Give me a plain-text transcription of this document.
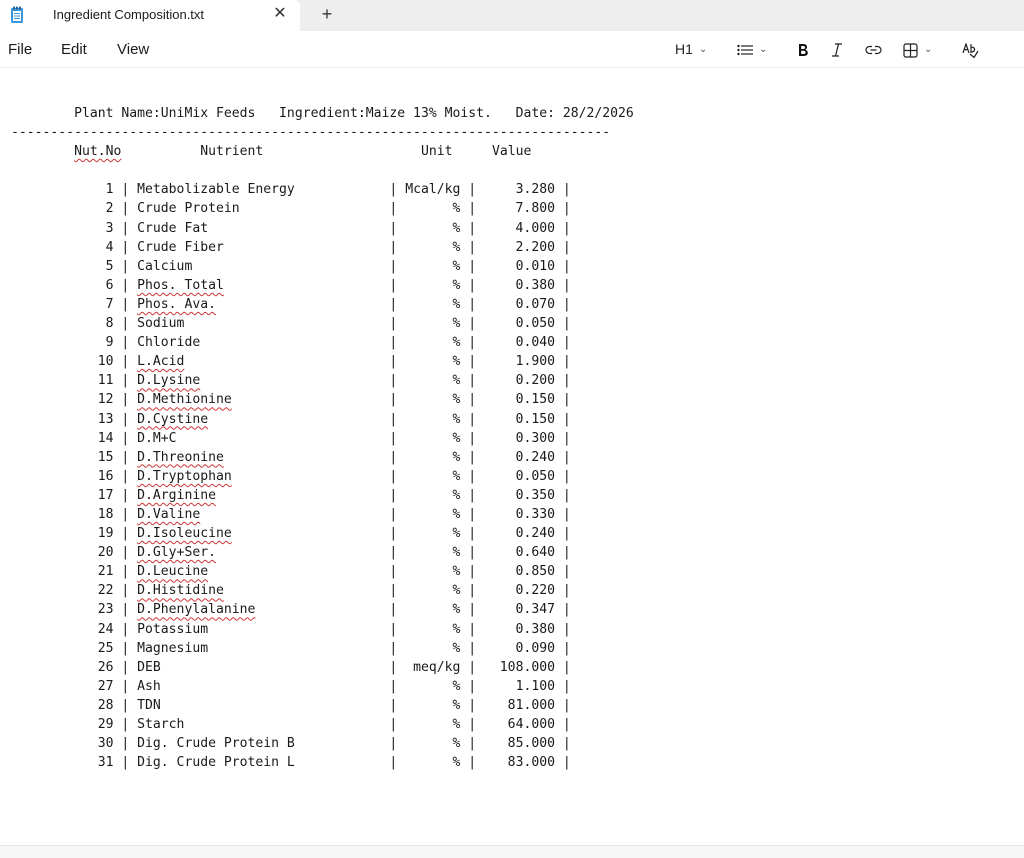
Ingredient Composition.txt	✕ +
File Edit View	H1 ⌄	⌄	⌄
Plant Name:UniMix Feeds Ingredient:Maize 13% Moist. Date: 28/2/2026
----------------------------------------------------------------------------
Nut.No	Nutrient	Unit	Value

1 | Metabolizable Energy            | Mcal/kg |     3.280 |
2 | Crude Protein                   |       % |     7.800 |
3 | Crude Fat                       |       % |     4.000 |
4 | Crude Fiber                     |       % |     2.200 |
5 | Calcium                         |       % |     0.010 |
6 | Phos. Total                     |       % |     0.380 |
7 | Phos. Ava.                      |       % |     0.070 |
8 | Sodium                          |       % |     0.050 |
9 | Chloride                        |       % |     0.040 |
10 | L.Acid                          |       % |     1.900 |
11 | D.Lysine                        |       % |     0.200 |
12 | D.Methionine                    |       % |     0.150 |
13 | D.Cystine                       |       % |     0.150 |
14 | D.M+C                           |       % |     0.300 |
15 | D.Threonine                     |       % |     0.240 |
16 | D.Tryptophan                    |       % |     0.050 |
17 | D.Arginine                      |       % |     0.350 |
18 | D.Valine                        |       % |     0.330 |
19 | D.Isoleucine                    |       % |     0.240 |
20 | D.Gly+Ser.                      |       % |     0.640 |
21 | D.Leucine                       |       % |     0.850 |
22 | D.Histidine                     |       % |     0.220 |
23 | D.Phenylalanine                 |       % |     0.347 |
24 | Potassium                       |       % |     0.380 |
25 | Magnesium                       |       % |     0.090 |
26 | DEB                             |  meq/kg |   108.000 |
27 | Ash                             |       % |     1.100 |
28 | TDN                             |       % |    81.000 |
29 | Starch                          |       % |    64.000 |
30 | Dig. Crude Protein B            |       % |    85.000 |
31 | Dig. Crude Protein L            |       % |    83.000 |
